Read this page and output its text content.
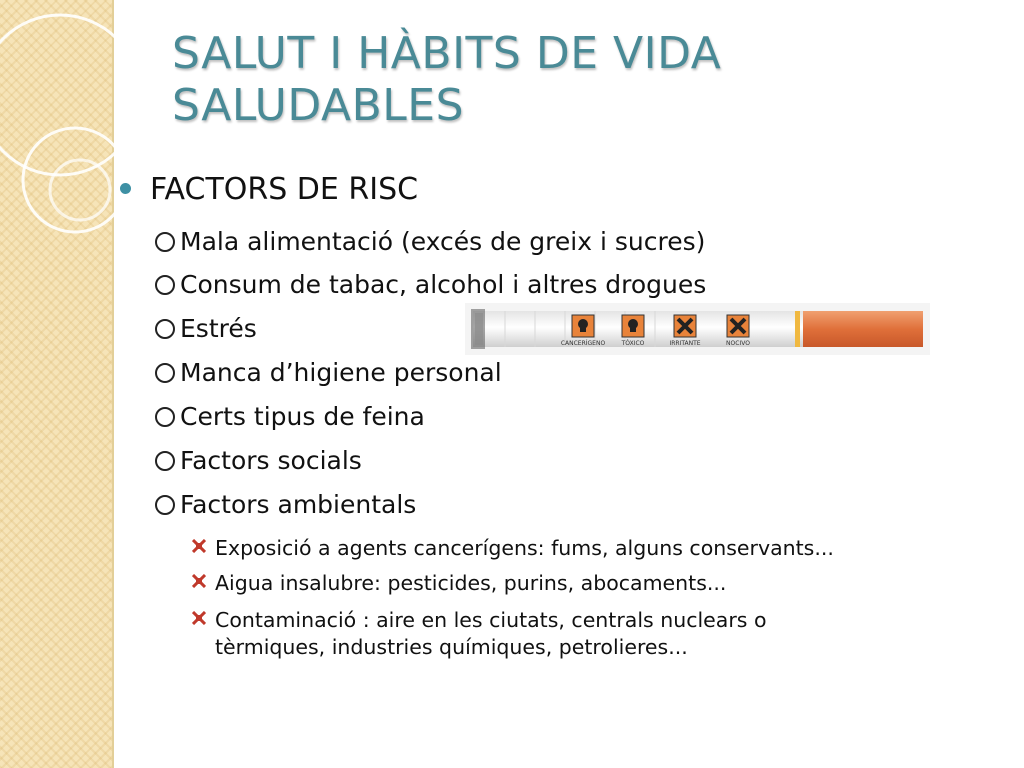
SALUT I HÀBITS DE VIDA
SALUDABLES
FACTORS DE RISC
Mala alimentació (excés de greix i sucres)
Consum de tabac, alcohol i altres drogues
Estrés
Manca d’higiene personal
Certs tipus de feina
Factors socials
Factors ambientals
Exposició a agents cancerígens: fums, alguns conservants...
Aigua insalubre: pesticides, purins, abocaments...
Contaminació : aire en les ciutats, centrals nuclears o
tèrmiques, industries químiques, petrolieres...
CANCERÍGENO	TÓXICO	IRRITANTE	NOCIVO
